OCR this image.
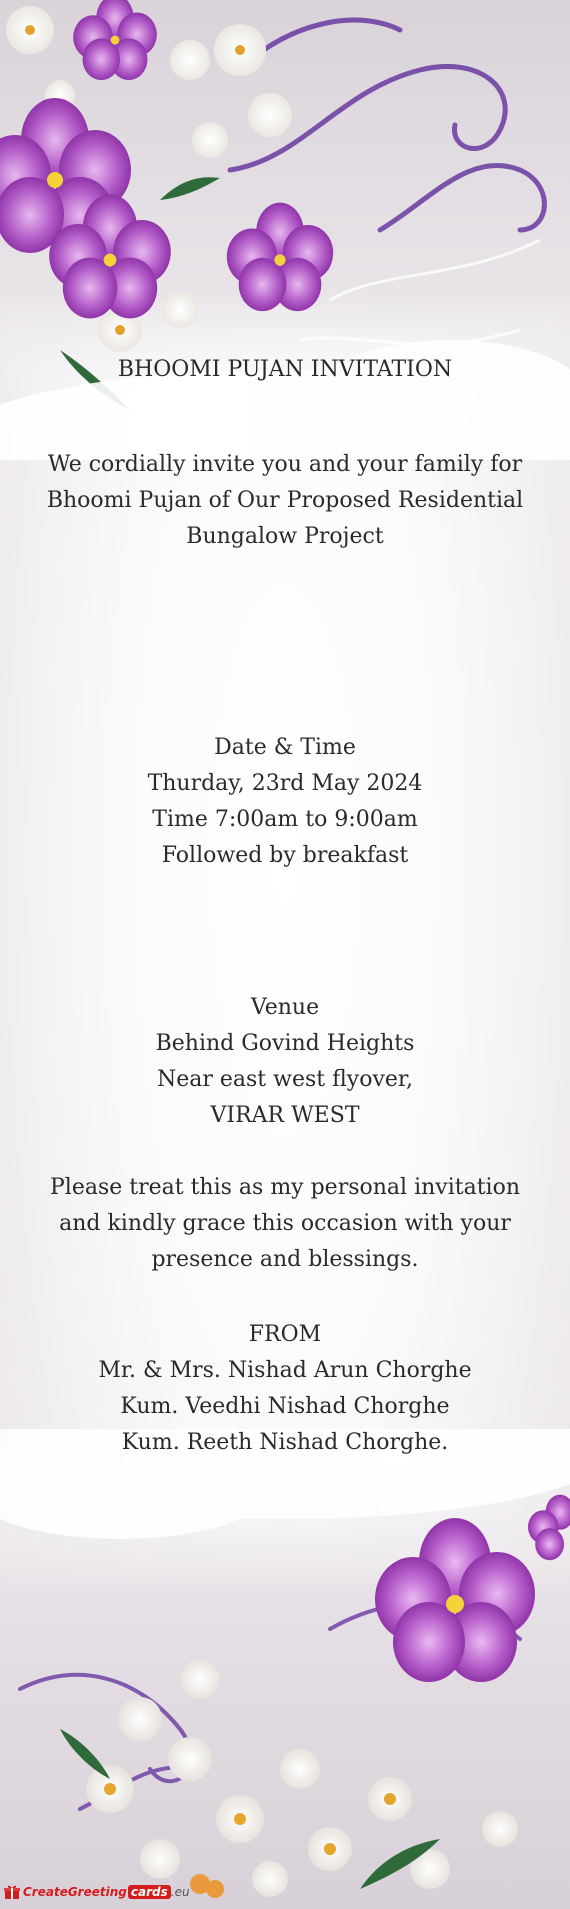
BHOOMI PUJAN INVITATION
We cordially invite you and your family for Bhoomi Pujan of Our Proposed Residential Bungalow Project
Date & Time
Thurday, 23rd May 2024
Time 7:00am to 9:00am
Followed by breakfast
Venue
Behind Govind Heights
Near east west flyover,
VIRAR WEST
Please treat this as my personal invitation and kindly grace this occasion with your presence and blessings.
FROM
Mr. & Mrs. Nishad Arun Chorghe
Kum. Veedhi Nishad Chorghe
Kum. Reeth Nishad Chorghe.
CreateGreeting cards .eu
